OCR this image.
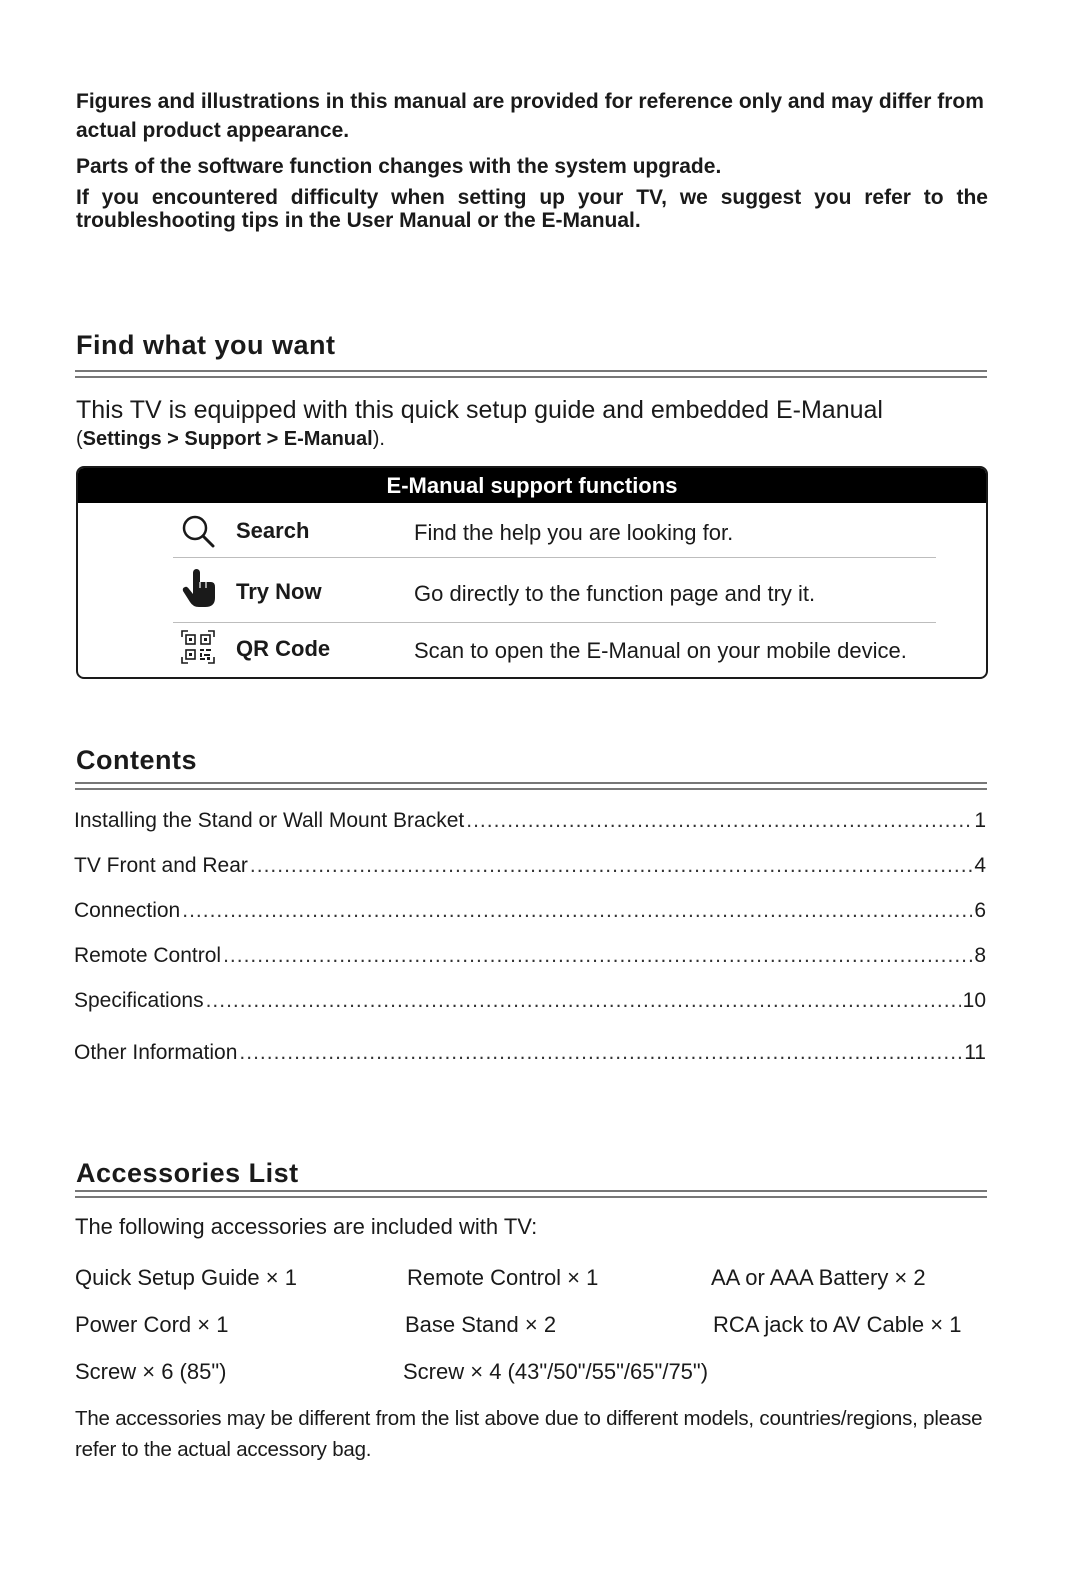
Figures and illustrations in this manual are provided for reference only and may differ from actual product appearance.

Parts of the software function changes with the system upgrade.

If you encountered difficulty when setting up your TV, we suggest you refer to the troubleshooting tips in the User Manual or the E-Manual.

Find what you want

This TV is equipped with this quick setup guide and embedded E-Manual

(Settings > Support > E-Manual).

E-Manual support functions
Search	Find the help you are looking for.
Try Now	Go directly to the function page and try it.
QR Code	Scan to open the E-Manual on your mobile device.
Contents
Installing the Stand or Wall Mount Bracket .....	1
TV Front and Rear .....	4
Connection .....	6
Remote Control .....	8
Specifications .....	10
Other Information .....	11
Accessories List

The following accessories are included with TV:

Quick Setup Guide × 1	Remote Control × 1	AA or AAA Battery × 2
Power Cord × 1	Base Stand × 2	RCA jack to AV Cable × 1
Screw × 6 (85")	Screw × 4 (43"/50"/55"/65"/75")

The accessories may be different from the list above due to different models, countries/regions, please refer to the actual accessory bag.
